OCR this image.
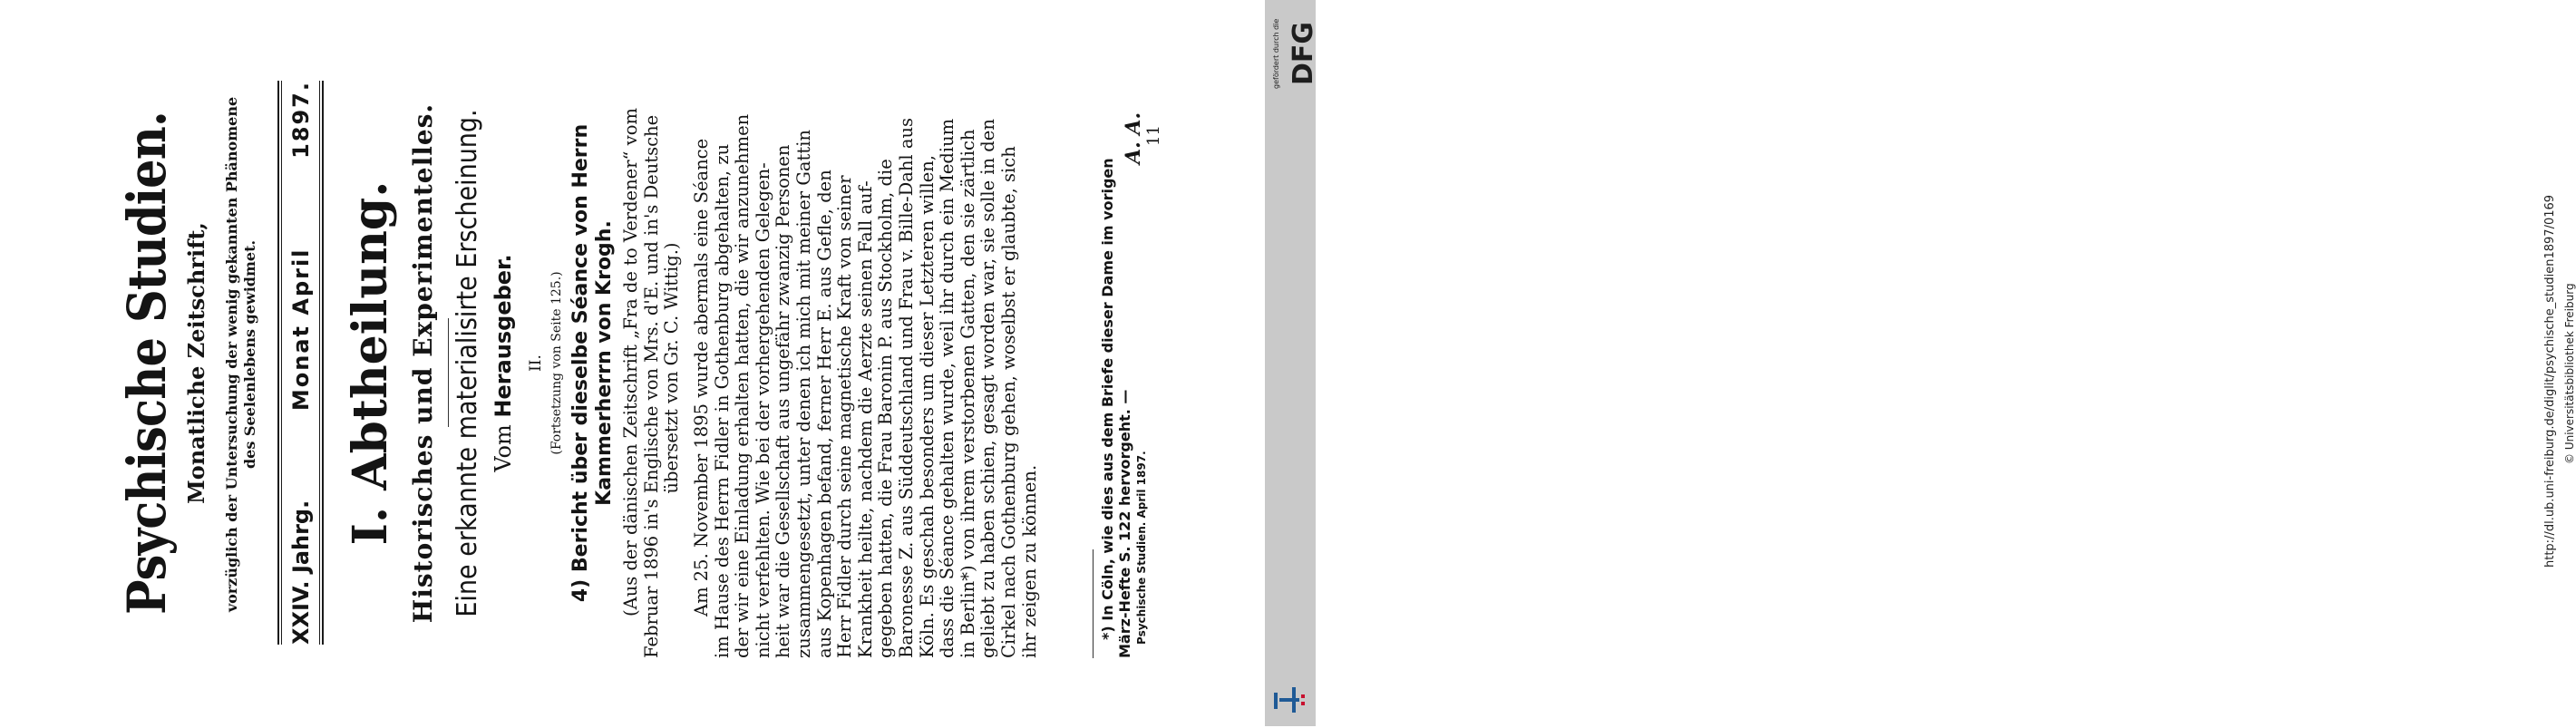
Psychische Studien. Monatliche Zeitschrift, vorzüglich der Untersuchung der wenig gekannten Phänomene des Seelenlebens gewidmet.
XXIV. Jahrg.
Monat April
1897.
I. Abtheilung. Historisches und Experimentelles. Eine erkannte materialisirte Erscheinung. Vom Herausgeber. II. (Fortsetzung von Seite 125.) 4) Bericht über dieselbe Séance von Herrn Kammerherrn von Krogh. (Aus der dänischen Zeitschrift „Fra de to Verdener“ vom Februar 1896 in's Englische von Mrs. d'E. und in's Deutsche übersetzt von Gr. C. Wittig.) Am 25. November 1895 wurde abermals eine Séance im Hause des Herrn Fidler in Gothenburg abgehalten, zu der wir eine Einladung erhalten hatten, die wir anzunehmen nicht verfehlten. Wie bei der vorhergehenden Gelegen- heit war die Gesellschaft aus ungefähr zwanzig Personen zusammengesetzt, unter denen ich mich mit meiner Gattin aus Kopenhagen befand, ferner Herr E. aus Gefle, den Herr Fidler durch seine magnetische Kraft von seiner Krankheit heilte, nachdem die Aerzte seinen Fall auf- gegeben hatten, die Frau Baronin P. aus Stockholm, die Baronesse Z. aus Süddeutschland und Frau v. Bille-Dahl aus Köln. Es geschah besonders um dieser Letzteren willen, dass die Séance gehalten wurde, weil ihr durch ein Medium in Berlin*) von ihrem verstorbenen Gatten, den sie zärtlich geliebt zu haben schien, gesagt worden war, sie solle in den Cirkel nach Gothenburg gehen, woselbst er glaubte, sich ihr zeigen zu können.	*) In Cöln, wie dies aus dem Briefe dieser Dame im vorigen März-Hefte S. 122 hervorgeht. —
A. A.
Psychische Studien. April 1897.
11
http://dl.ub.uni-freiburg.de/diglit/psychische_studien1897/0169 © Universitätsbibliothek Freiburg
gefördert durch die DFG
